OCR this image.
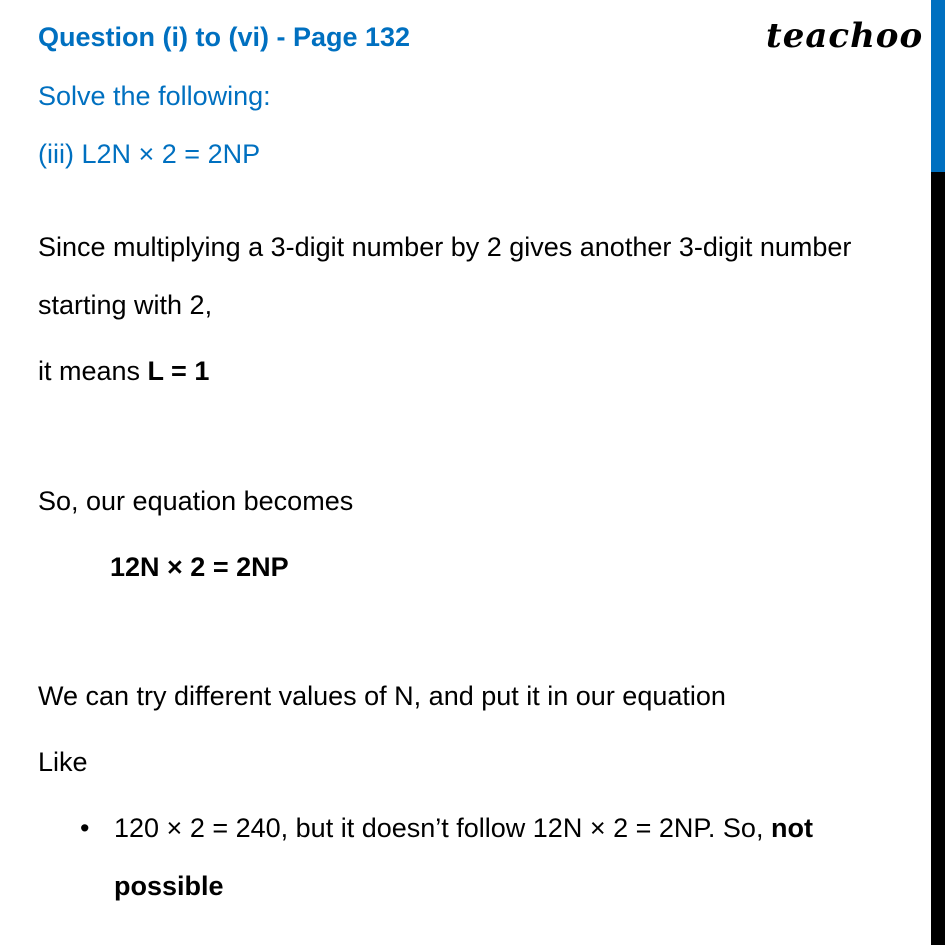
teachoo
Question (i) to (vi) - Page 132
Solve the following:
(iii) L2N × 2 = 2NP
Since multiplying a 3-digit number by 2 gives another 3-digit number
starting with 2,
it means L = 1
So, our equation becomes
12N × 2 = 2NP
We can try different values of N, and put it in our equation
Like
• 120 × 2 = 240, but it doesn’t follow 12N × 2 = 2NP. So, not
possible
